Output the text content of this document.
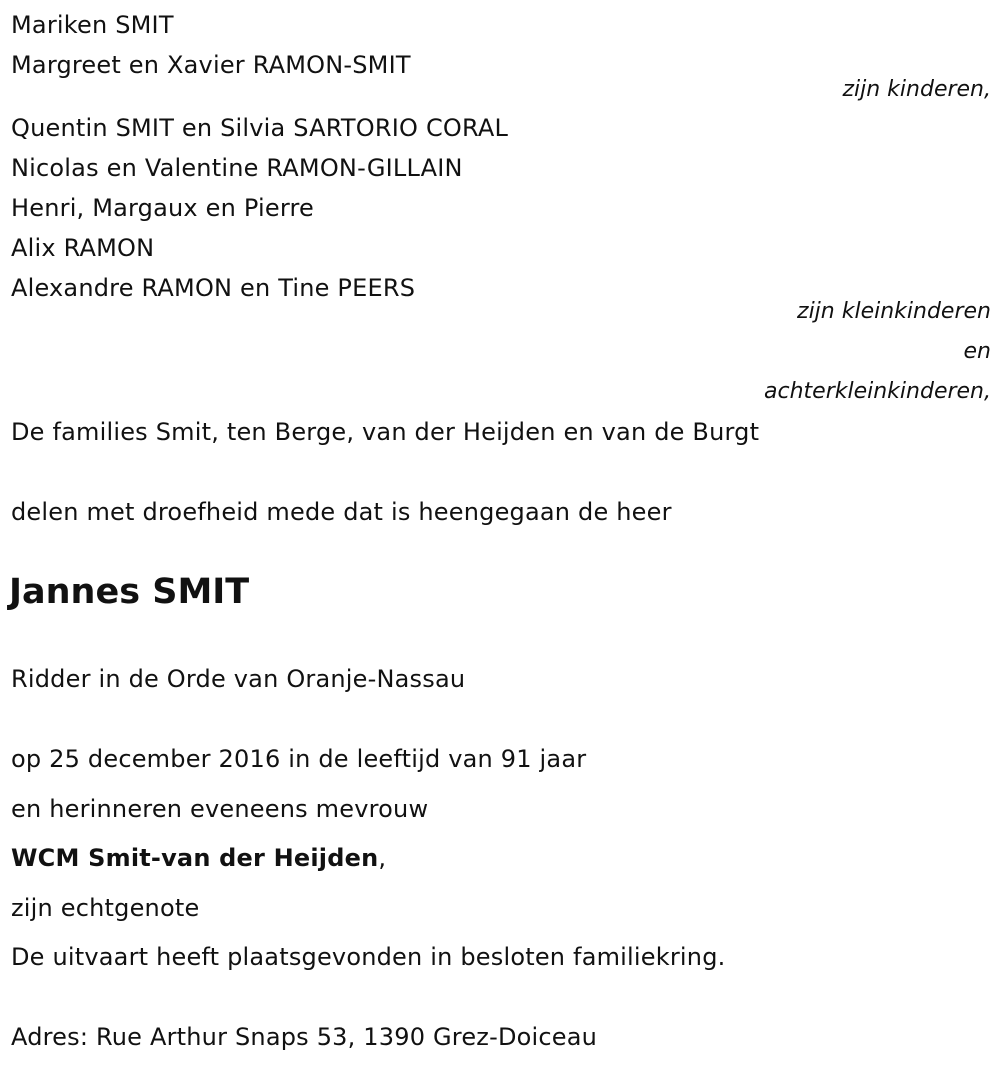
Mariken SMIT
Margreet en Xavier RAMON-SMIT
zijn kinderen,
Quentin SMIT en Silvia SARTORIO CORAL
Nicolas en Valentine RAMON-GILLAIN
Henri, Margaux en Pierre
Alix RAMON
Alexandre RAMON en Tine PEERS
zijn kleinkinderen
en
achterkleinkinderen,
De families Smit, ten Berge, van der Heijden en van de Burgt
delen met droefheid mede dat is heengegaan de heer
Jannes SMIT
Ridder in de Orde van Oranje-Nassau
op 25 december 2016 in de leeftijd van 91 jaar
en herinneren eveneens mevrouw
WCM Smit-van der Heijden,
zijn echtgenote
De uitvaart heeft plaatsgevonden in besloten familiekring.
Adres: Rue Arthur Snaps 53, 1390 Grez-Doiceau
